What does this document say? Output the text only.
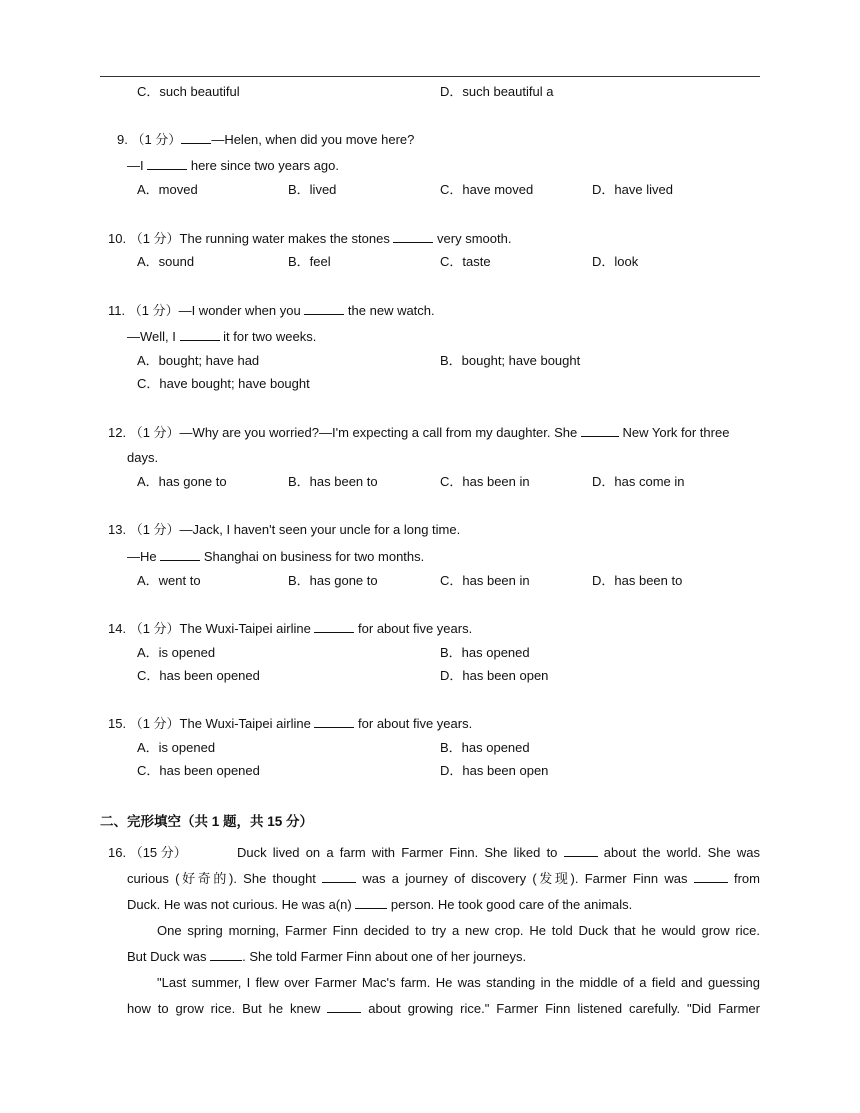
C．such beautiful	D．such beautiful a
9. （1 分） —Helen, when did you move here?
—I	here since two years ago.
A．moved	B．lived	C．have moved	D．have lived
10. （1 分）The running water makes the stones	very smooth.
A．sound	B．feel	C．taste	D．look
11. （1 分）—I wonder when you	the new watch.
—Well, I	it for two weeks.
A．bought; have had	B．bought; have bought
C．have bought; have bought
12. （1 分）—Why are you worried?—I'm expecting a call from my daughter. She	New York for three
days.
A．has gone to	B．has been to	C．has been in	D．has come in
13. （1 分）—Jack, I haven't seen your uncle for a long time.
—He	Shanghai on business for two months.
A．went to	B．has gone to	C．has been in	D．has been to
14. （1 分）The Wuxi-Taipei airline	for about five years.
A．is opened	B．has opened
C．has been opened	D．has been open
15. （1 分）The Wuxi-Taipei airline	for about five years.
A．is opened	B．has opened
C．has been opened	D．has been open
二、完形填空（共 1 题，共 15 分）
16. （15 分）	Duck lived on a farm with Farmer Finn. She liked to	about the world. She was
curious (好奇的). She thought	was a journey of discovery (发现). Farmer Finn was	from
Duck. He was not curious. He was a(n)  person. He took good care of the animals.
One spring morning, Farmer Finn decided to try a new crop. He told Duck that he would grow rice.
But Duck was . She told Farmer Finn about one of her journeys.
"Last summer, I flew over Farmer Mac's farm. He was standing in the middle of a field and guessing
how to grow rice. But he knew	about growing rice." Farmer Finn listened carefully. "Did Farmer
